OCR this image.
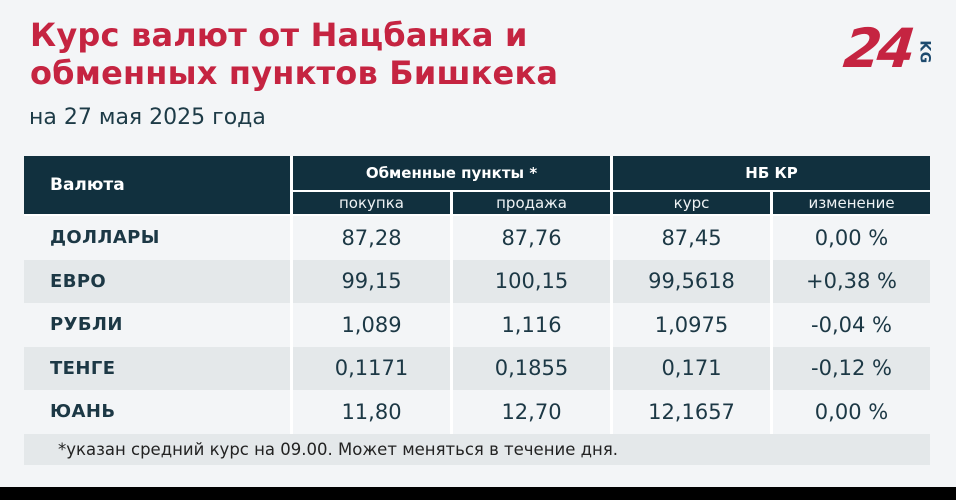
Курс валют от Нацбанка и
обменных пунктов Бишкека
на 27 мая 2025 года
24 KG
Валюта
Обменные пункты *	НБ КР
покупка	продажа	курс	изменение
ДОЛЛАРЫ	87,28	87,76	87,45	0,00 %
ЕВРО	99,15	100,15	99,5618	+0,38 %
РУБЛИ	1,089	1,116	1,0975	-0,04 %
ТЕНГЕ	0,1171	0,1855	0,171	-0,12 %
ЮАНЬ	11,80	12,70	12,1657	0,00 %
*указан средний курс на 09.00. Может меняться в течение дня.
